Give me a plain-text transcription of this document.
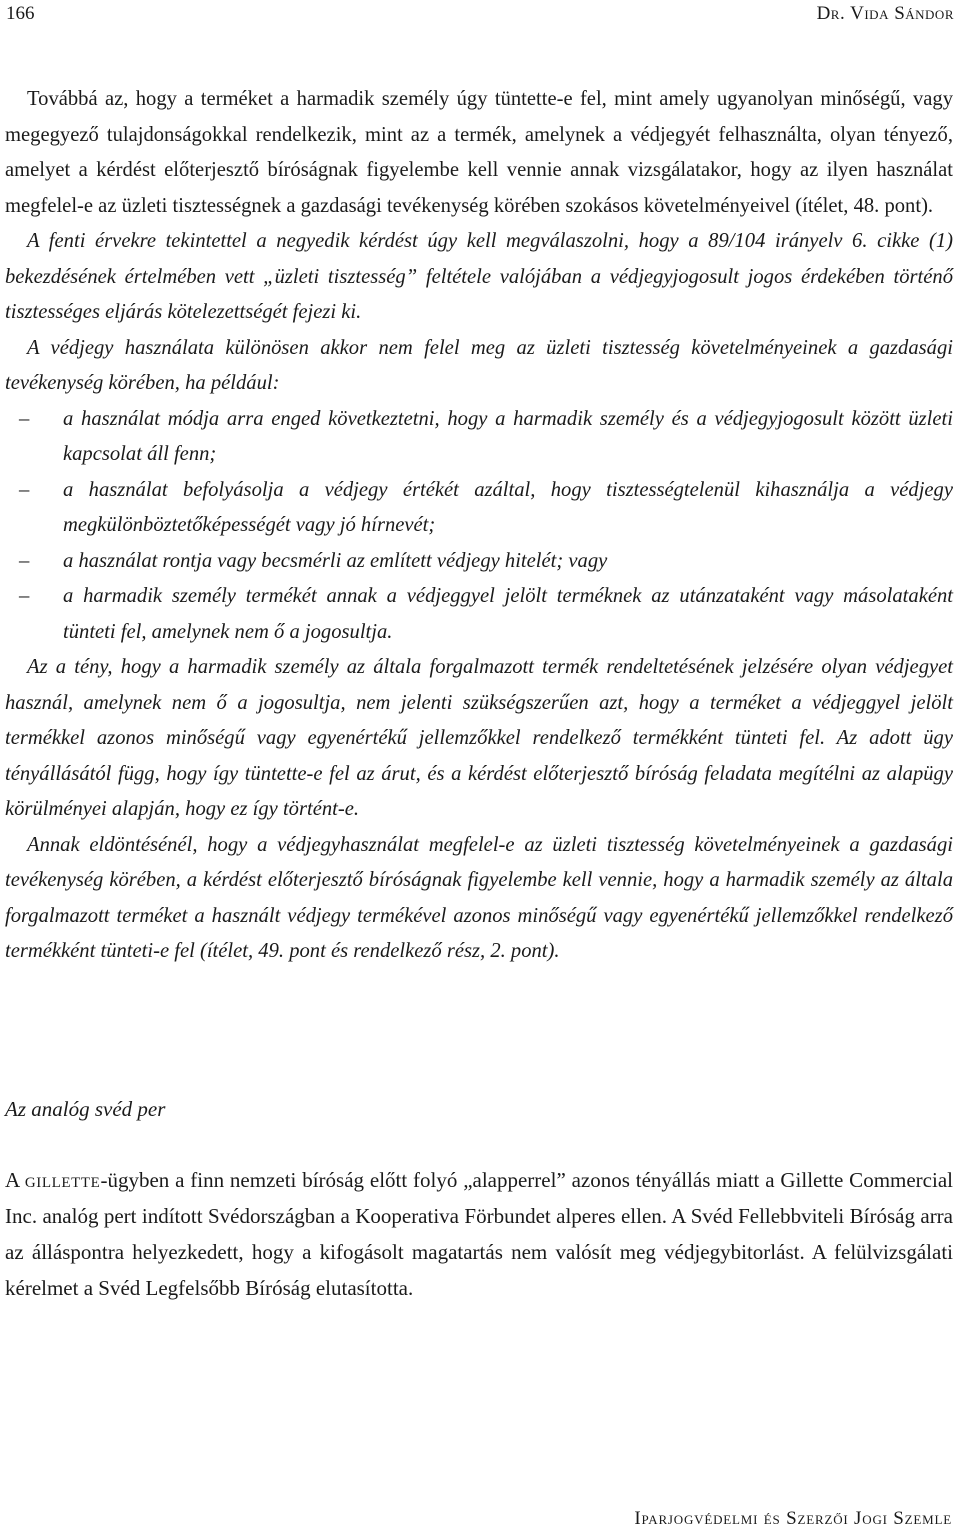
166	Dr. Vida Sándor

Továbbá az, hogy a terméket a harmadik személy úgy tüntette-e fel, mint amely ugyanolyan minőségű, vagy megegyező tulajdonságokkal rendelkezik, mint az a termék, amelynek a védjegyét felhasználta, olyan tényező, amelyet a kérdést előterjesztő bíróságnak figyelembe kell vennie annak vizsgálatakor, hogy az ilyen használat megfelel-e az üzleti tisztességnek a gazdasági tevékenység körében szokásos követelményeivel (ítélet, 48. pont).

A fenti érvekre tekintettel a negyedik kérdést úgy kell megválaszolni, hogy a 89/104 irányelv 6. cikke (1) bekezdésének értelmében vett „üzleti tisztesség” feltétele valójában a védjegyjogosult jogos érdekében történő tisztességes eljárás kötelezettségét fejezi ki.

A védjegy használata különösen akkor nem felel meg az üzleti tisztesség követelményeinek a gazdasági tevékenység körében, ha például:

– a használat módja arra enged következtetni, hogy a harmadik személy és a védjegyjogosult között üzleti kapcsolat áll fenn;
– a használat befolyásolja a védjegy értékét azáltal, hogy tisztességtelenül kihasználja a védjegy megkülönböztetőképességét vagy jó hírnevét;
– a használat rontja vagy becsmérli az említett védjegy hitelét; vagy
– a harmadik személy termékét annak a védjeggyel jelölt terméknek az utánzataként vagy másolataként tünteti fel, amelynek nem ő a jogosultja.

Az a tény, hogy a harmadik személy az általa forgalmazott termék rendeltetésének jelzésére olyan védjegyet használ, amelynek nem ő a jogosultja, nem jelenti szükségszerűen azt, hogy a terméket a védjeggyel jelölt termékkel azonos minőségű vagy egyenértékű jellemzőkkel rendelkező termékként tünteti fel. Az adott ügy tényállásától függ, hogy így tüntette-e fel az árut, és a kérdést előterjesztő bíróság feladata megítélni az alapügy körülményei alapján, hogy ez így történt-e.

Annak eldöntésénél, hogy a védjegyhasználat megfelel-e az üzleti tisztesség követelményeinek a gazdasági tevékenység körében, a kérdést előterjesztő bíróságnak figyelembe kell vennie, hogy a harmadik személy az általa forgalmazott terméket a használt védjegy termékével azonos minőségű vagy egyenértékű jellemzőkkel rendelkező termékként tünteti-e fel (ítélet, 49. pont és rendelkező rész, 2. pont).

Az analóg svéd per

A gillette-ügyben a finn nemzeti bíróság előtt folyó „alapperrel” azonos tényállás miatt a Gillette Commercial Inc. analóg pert indított Svédországban a Kooperativa Förbundet alperes ellen. A Svéd Fellebbviteli Bíróság arra az álláspontra helyezkedett, hogy a kifogásolt magatartás nem valósít meg védjegybitorlást. A felülvizsgálati kérelmet a Svéd Legfelsőbb Bíróság elutasította.

Iparjogvédelmi és Szerzői Jogi Szemle
